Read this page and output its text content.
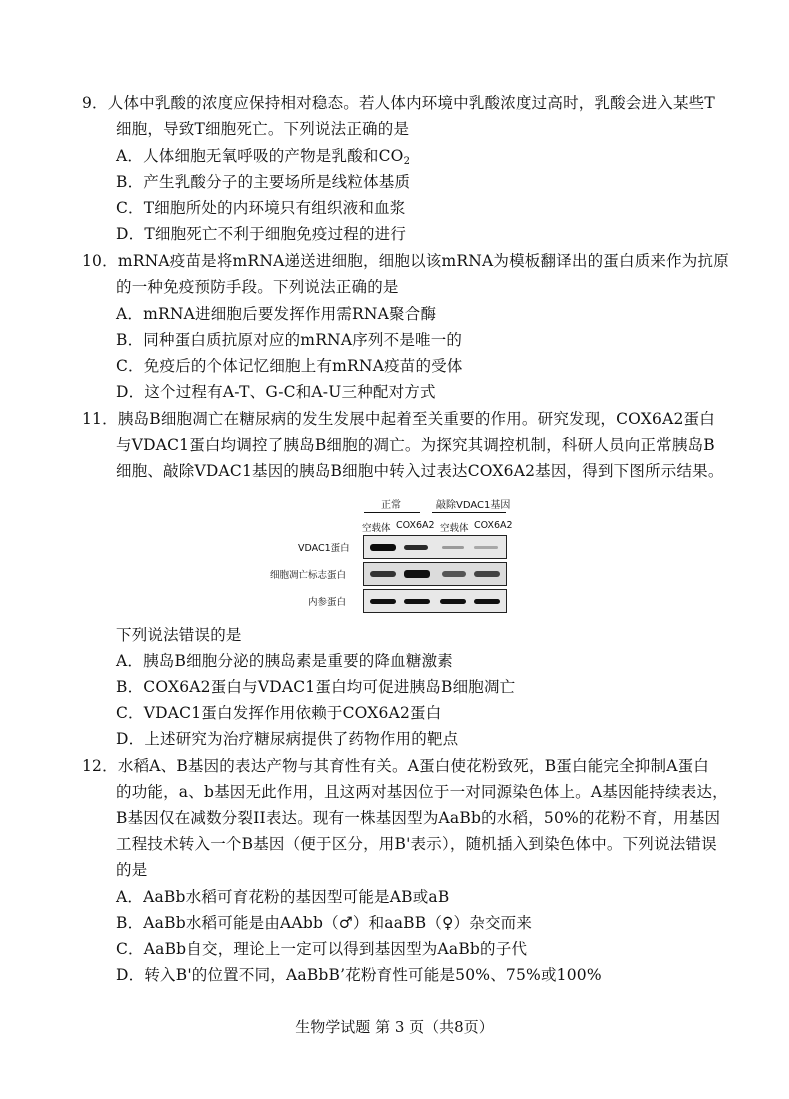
9．人体中乳酸的浓度应保持相对稳态。若人体内环境中乳酸浓度过高时，乳酸会进入某些T
细胞，导致T细胞死亡。下列说法正确的是
A．人体细胞无氧呼吸的产物是乳酸和$CO_2$
B．产生乳酸分子的主要场所是线粒体基质
C．T细胞所处的内环境只有组织液和血浆
D．T细胞死亡不利于细胞免疫过程的进行
10．mRNA疫苗是将mRNA递送进细胞，细胞以该mRNA为模板翻译出的蛋白质来作为抗原
的一种免疫预防手段。下列说法正确的是
A．mRNA进细胞后要发挥作用需RNA聚合酶
B．同种蛋白质抗原对应的mRNA序列不是唯一的
C．免疫后的个体记忆细胞上有mRNA疫苗的受体
D．这个过程有A-T、G-C和A-U三种配对方式
11．胰岛B细胞凋亡在糖尿病的发生发展中起着至关重要的作用。研究发现，COX6A2蛋白
与VDAC1蛋白均调控了胰岛B细胞的凋亡。为探究其调控机制，科研人员向正常胰岛B
细胞、敲除VDAC1基因的胰岛B细胞中转入过表达COX6A2基因，得到下图所示结果。
正常	敲除VDAC1基因
空载体 COX6A2 空载体 COX6A2
VDAC1蛋白
细胞凋亡标志蛋白
内参蛋白
下列说法错误的是
A．胰岛B细胞分泌的胰岛素是重要的降血糖激素
B．COX6A2蛋白与VDAC1蛋白均可促进胰岛B细胞凋亡
C．VDAC1蛋白发挥作用依赖于COX6A2蛋白
D．上述研究为治疗糖尿病提供了药物作用的靶点
12．水稻A、B基因的表达产物与其育性有关。A蛋白使花粉致死，B蛋白能完全抑制A蛋白
的功能，a、b基因无此作用，且这两对基因位于一对同源染色体上。A基因能持续表达，
B基因仅在减数分裂II表达。现有一株基因型为AaBb的水稻，50%的花粉不育，用基因
工程技术转入一个B基因（便于区分，用B'表示），随机插入到染色体中。下列说法错误
的是
A．AaBb水稻可育花粉的基因型可能是AB或aB
B．AaBb水稻可能是由AAbb（♂）和aaBB（♀）杂交而来
C．AaBb自交，理论上一定可以得到基因型为AaBb的子代
D．转入B'的位置不同，AaBbB’花粉育性可能是50%、75%或100%
生物学试题 第 3 页（共8页）
